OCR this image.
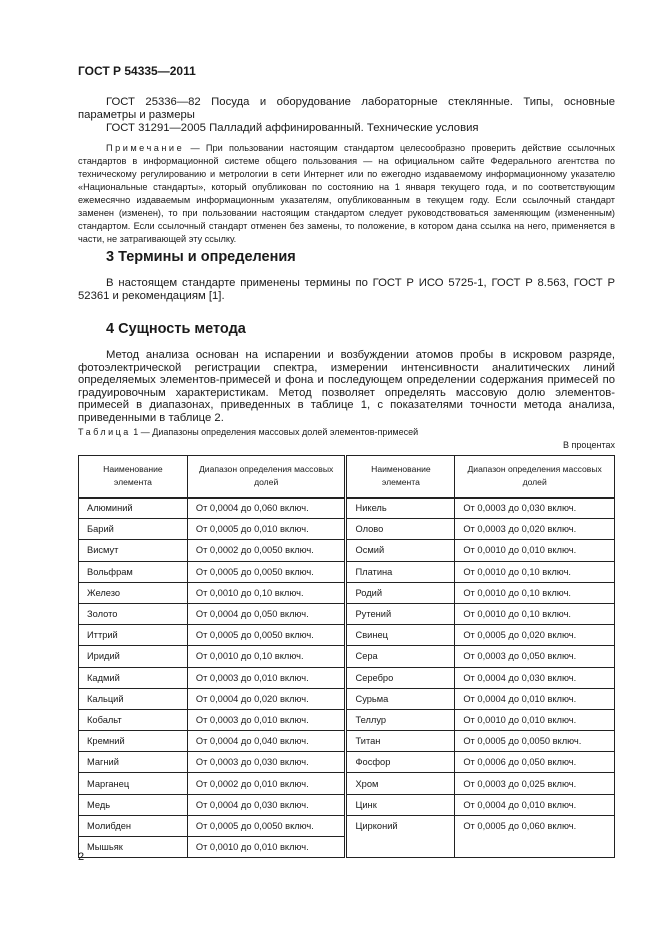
ГОСТ Р 54335—2011
ГОСТ 25336—82 Посуда и оборудование лабораторные стеклянные. Типы, основные параметры и размеры
ГОСТ 31291—2005 Палладий аффинированный. Технические условия
Примечание — При пользовании настоящим стандартом целесообразно проверить действие ссылочных стандартов в информационной системе общего пользования — на официальном сайте Федерального агентства по техническому регулированию и метрологии в сети Интернет или по ежегодно издаваемому информационному указателю «Национальные стандарты», который опубликован по состоянию на 1 января текущего года, и по соответствующим ежемесячно издаваемым информационным указателям, опубликованным в текущем году. Если ссылочный стандарт заменен (изменен), то при пользовании настоящим стандартом следует руководствоваться заменяющим (измененным) стандартом. Если ссылочный стандарт отменен без замены, то положение, в котором дана ссылка на него, применяется в части, не затрагивающей эту ссылку.
3 Термины и определения
В настоящем стандарте применены термины по ГОСТ Р ИСО 5725-1, ГОСТ Р 8.563, ГОСТ Р 52361 и рекомендациям [1].
4 Сущность метода
Метод анализа основан на испарении и возбуждении атомов пробы в искровом разряде, фотоэлектрической регистрации спектра, измерении интенсивности аналитических линий определяемых элементов-примесей и фона и последующем определении содержания примесей по градуировочным характеристикам. Метод позволяет определять массовую долю элементов-примесей в диапазонах, приведенных в таблице 1, с показателями точности метода анализа, приведенными в таблице 2.
Таблица 1 — Диапазоны определения массовых долей элементов-примесей
В процентах
Наименование элемента	Диапазон определения массовых долей	Наименование элемента	Диапазон определения массовых долей
Алюминий	От 0,0004 до 0,060 включ.	Никель	От 0,0003 до 0,030 включ.
Барий	От 0,0005 до 0,010 включ.	Олово	От 0,0003 до 0,020 включ.
Висмут	От 0,0002 до 0,0050 включ.	Осмий	От 0,0010 до 0,010 включ.
Вольфрам	От 0,0005 до 0,0050 включ.	Платина	От 0,0010 до 0,10 включ.
Железо	От 0,0010 до 0,10 включ.	Родий	От 0,0010 до 0,10 включ.
Золото	От 0,0004 до 0,050 включ.	Рутений	От 0,0010 до 0,10 включ.
Иттрий	От 0,0005 до 0,0050 включ.	Свинец	От 0,0005 до 0,020 включ.
Иридий	От 0,0010 до 0,10 включ.	Сера	От 0,0003 до 0,050 включ.
Кадмий	От 0,0003 до 0,010 включ.	Серебро	От 0,0004 до 0,030 включ.
Кальций	От 0,0004 до 0,020 включ.	Сурьма	От 0,0004 до 0,010 включ.
Кобальт	От 0,0003 до 0,010 включ.	Теллур	От 0,0010 до 0,010 включ.
Кремний	От 0,0004 до 0,040 включ.	Титан	От 0,0005 до 0,0050 включ.
Магний	От 0,0003 до 0,030 включ.	Фосфор	От 0,0006 до 0,050 включ.
Марганец	От 0,0002 до 0,010 включ.	Хром	От 0,0003 до 0,025 включ.
Медь	От 0,0004 до 0,030 включ.	Цинк	От 0,0004 до 0,010 включ.
Молибден	От 0,0005 до 0,0050 включ.	Цирконий	От 0,0005 до 0,060 включ.
Мышьяк	От 0,0010 до 0,010 включ.		
2
